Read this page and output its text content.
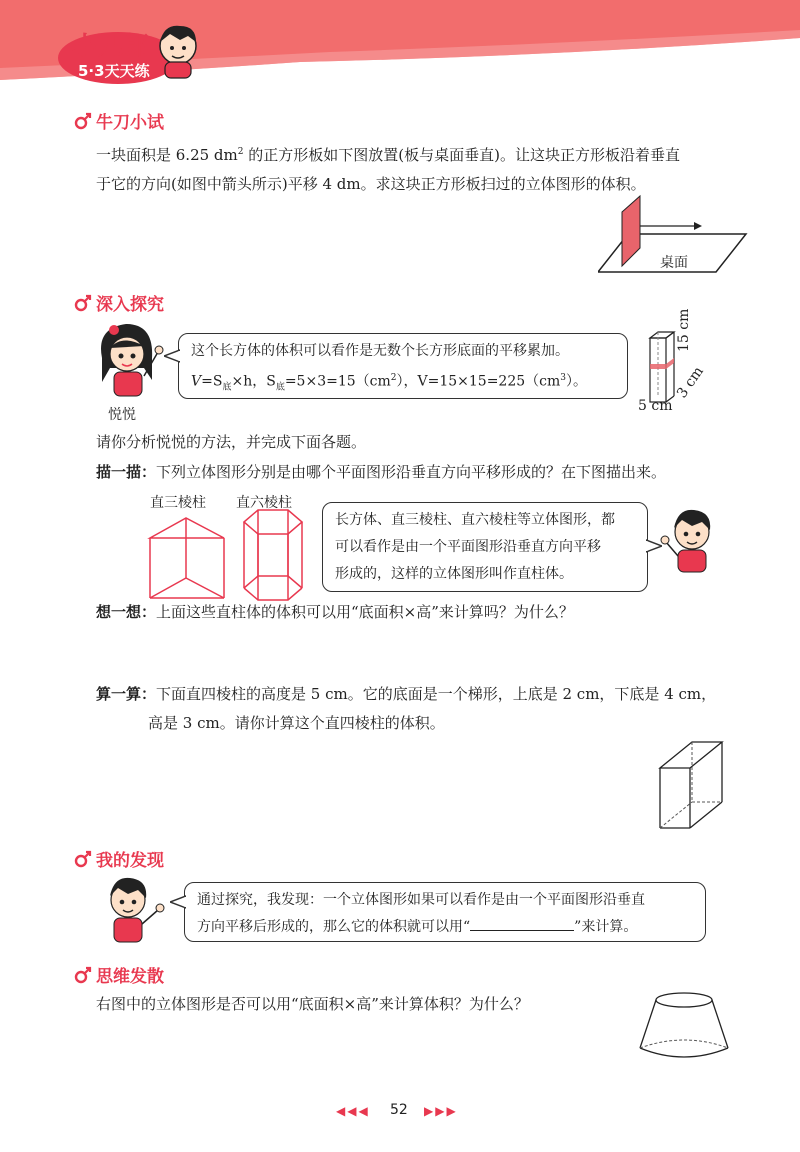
小儿郎
5·3天天练
牛刀小试
一块面积是 6.25 $dm^2$ 的正方形板如下图放置(板与桌面垂直)。让这块正方形板沿着垂直
于它的方向(如图中箭头所示)平移 4 dm。求这块正方形板扫过的立体图形的体积。
桌面
深入探究
悦悦
这个长方体的体积可以看作是无数个长方形底面的平移累加。
$V=S_底\times h$，$S_底=5\times 3=15(cm^2)$，$V=15\times 15=225(cm^3)$。
15 cm
5 cm
3 cm
请你分析悦悦的方法，并完成下面各题。
描一描：下列立体图形分别是由哪个平面图形沿垂直方向平移形成的？在下图描出来。
直三棱柱 直六棱柱
长方体、直三棱柱、直六棱柱等立体图形，都
可以看作是由一个平面图形沿垂直方向平移
形成的，这样的立体图形叫作直柱体。
想一想：上面这些直柱体的体积可以用“底面积×高”来计算吗？为什么？
算一算：下面直四棱柱的高度是 5 cm。它的底面是一个梯形，上底是 2 cm，下底是 4 cm，
高是 3 cm。请你计算这个直四棱柱的体积。
我的发现
通过探究，我发现：一个立体图形如果可以看作是由一个平面图形沿垂直
方向平移后形成的，那么它的体积就可以用“	”来计算。
思维发散
右图中的立体图形是否可以用“底面积×高”来计算体积？为什么？
◀◀◀ 52 ▶▶▶
